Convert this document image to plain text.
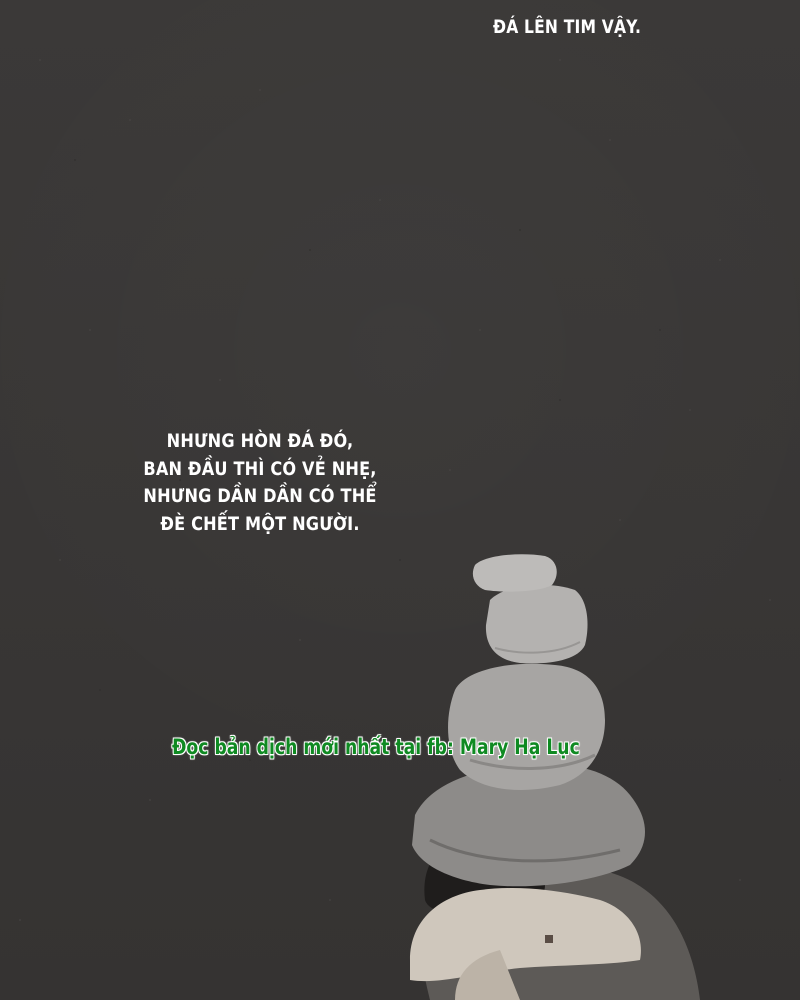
ĐÁ LÊN TIM VẬY.
NHƯNG HÒN ĐÁ ĐÓ,
BAN ĐẦU THÌ CÓ VẺ NHẸ,
NHƯNG DẦN DẦN CÓ THỂ
ĐÈ CHẾT MỘT NGƯỜI.
Đọc bản dịch mới nhất tại fb: Mary Hạ Lục
